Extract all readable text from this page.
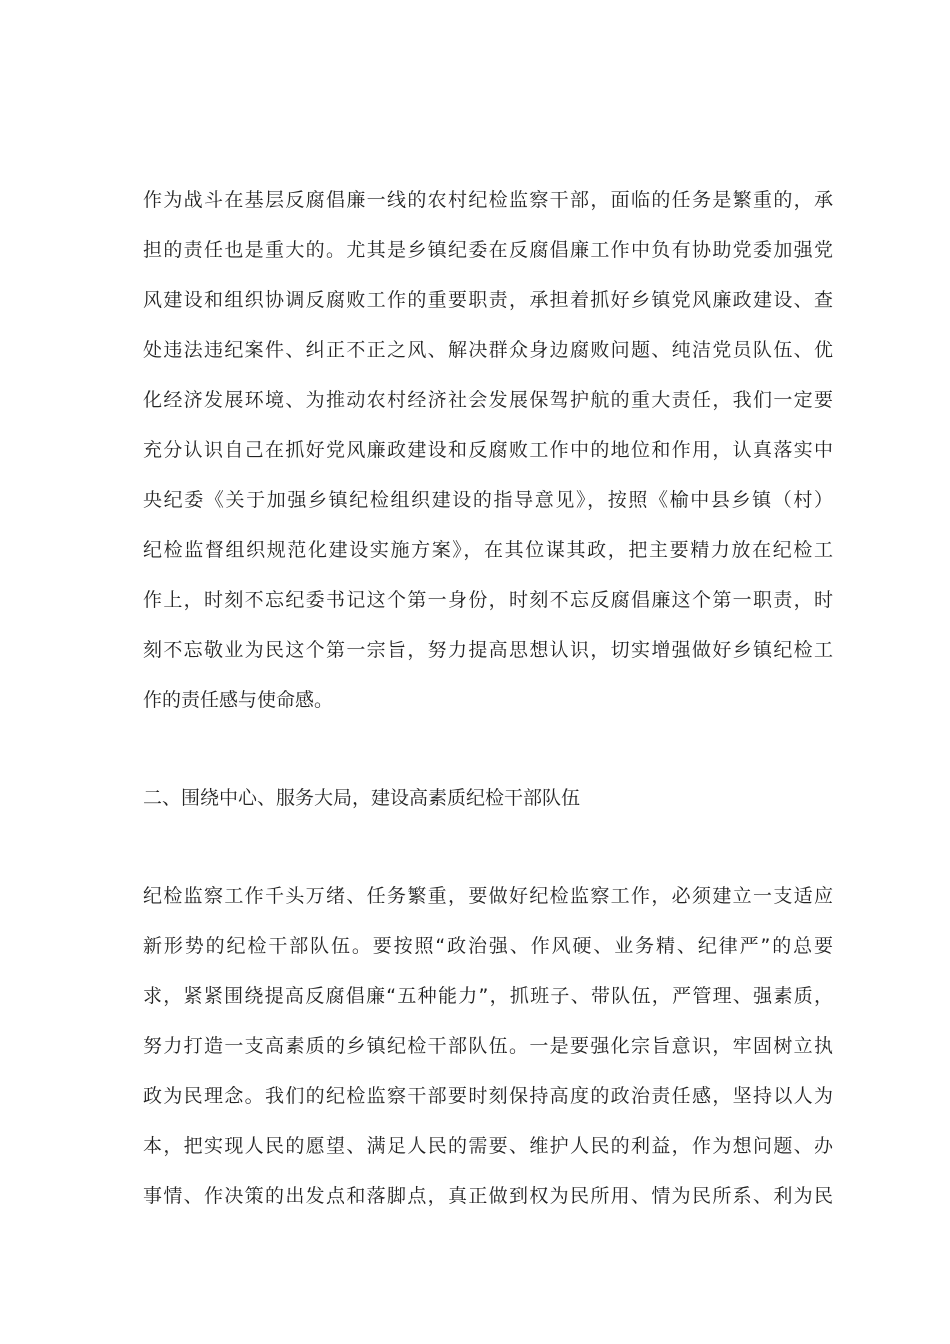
作为战斗在基层反腐倡廉一线的农村纪检监察干部，面临的任务是繁重的，承
担的责任也是重大的。尤其是乡镇纪委在反腐倡廉工作中负有协助党委加强党
风建设和组织协调反腐败工作的重要职责，承担着抓好乡镇党风廉政建设、查
处违法违纪案件、纠正不正之风、解决群众身边腐败问题、纯洁党员队伍、优
化经济发展环境、为推动农村经济社会发展保驾护航的重大责任，我们一定要
充分认识自己在抓好党风廉政建设和反腐败工作中的地位和作用，认真落实中
央纪委《关于加强乡镇纪检组织建设的指导意见》，按照《榆中县乡镇（村）
纪检监督组织规范化建设实施方案》，在其位谋其政，把主要精力放在纪检工
作上，时刻不忘纪委书记这个第一身份，时刻不忘反腐倡廉这个第一职责，时
刻不忘敬业为民这个第一宗旨，努力提高思想认识，切实增强做好乡镇纪检工
作的责任感与使命感。
二、围绕中心、服务大局，建设高素质纪检干部队伍
纪检监察工作千头万绪、任务繁重，要做好纪检监察工作，必须建立一支适应
新形势的纪检干部队伍。要按照“政治强、作风硬、业务精、纪律严”的总要
求，紧紧围绕提高反腐倡廉“五种能力”，抓班子、带队伍，严管理、强素质，
努力打造一支高素质的乡镇纪检干部队伍。一是要强化宗旨意识，牢固树立执
政为民理念。我们的纪检监察干部要时刻保持高度的政治责任感，坚持以人为
本，把实现人民的愿望、满足人民的需要、维护人民的利益，作为想问题、办
事情、作决策的出发点和落脚点，真正做到权为民所用、情为民所系、利为民
